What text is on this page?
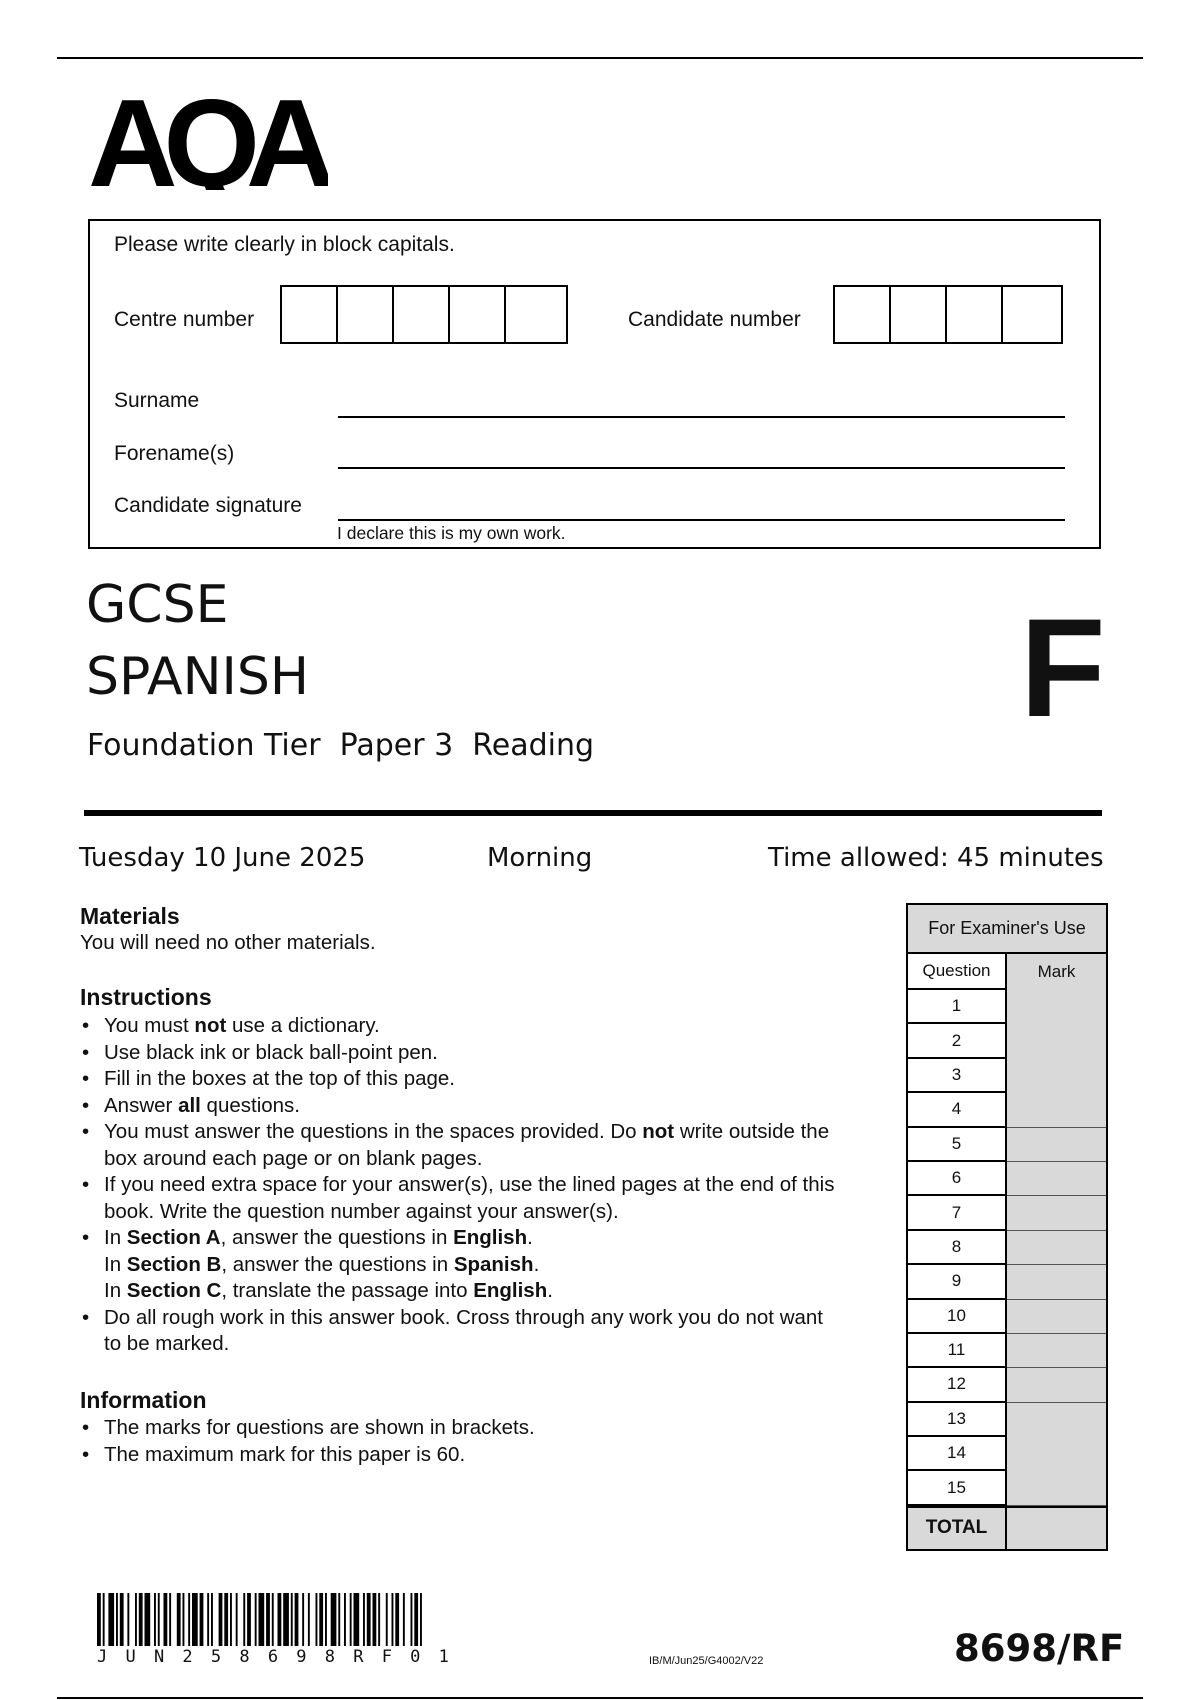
AQA
Please write clearly in block capitals.
Centre number	Candidate number
Surname
Forename(s)
Candidate signature
I declare this is my own work.
GCSE
SPANISH
Foundation Tier  Paper 3  Reading	F
Tuesday 10 June 2025	Morning	Time allowed: 45 minutes
Materials
You will need no other materials.
Instructions
• You must not use a dictionary.
• Use black ink or black ball-point pen.
• Fill in the boxes at the top of this page.
• Answer all questions.
• You must answer the questions in the spaces provided. Do not write outside the box around each page or on blank pages.
• If you need extra space for your answer(s), use the lined pages at the end of this book. Write the question number against your answer(s).
• In Section A, answer the questions in English.
In Section B, answer the questions in Spanish.
In Section C, translate the passage into English.
• Do all rough work in this answer book. Cross through any work you do not want to be marked.
Information
• The marks for questions are shown in brackets.
• The maximum mark for this paper is 60.
For Examiner's Use
Question	Mark
1
2
3
4
5
6
7
8
9
10
11
12
13
14
15
TOTAL
J U N 2 5 8 6 9 8 R F 0 1	IB/M/Jun25/G4002/V22	8698/RF
